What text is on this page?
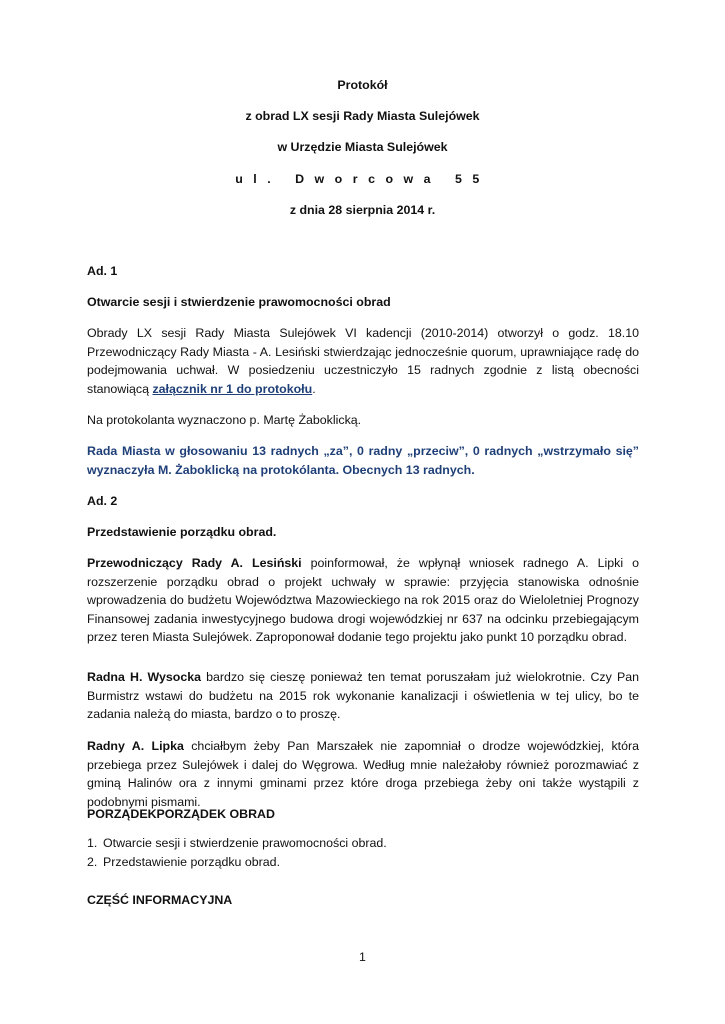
Protokół
z obrad LX sesji Rady Miasta Sulejówek
w Urzędzie Miasta Sulejówek
ul. Dworcowa 55
z dnia 28 sierpnia 2014 r.
Ad. 1
Otwarcie sesji i stwierdzenie prawomocności obrad
Obrady LX sesji Rady Miasta Sulejówek VI kadencji (2010-2014) otworzył o godz. 18.10 Przewodniczący Rady Miasta - A. Lesiński stwierdzając jednocześnie quorum, uprawniające radę do podejmowania uchwał. W posiedzeniu uczestniczyło 15 radnych zgodnie z listą obecności stanowiącą załącznik nr 1 do protokołu.
Na protokolanta wyznaczono p. Martę Żaboklicką.
Rada Miasta w głosowaniu 13 radnych „za”, 0 radny „przeciw”, 0 radnych „wstrzymało się” wyznaczyła M. Żaboklicką na protokólanta. Obecnych 13 radnych.
Ad. 2
Przedstawienie porządku obrad.
Przewodniczący Rady A. Lesiński poinformował, że wpłynął wniosek radnego A. Lipki o rozszerzenie porządku obrad o projekt uchwały w sprawie: przyjęcia stanowiska odnośnie wprowadzenia do budżetu Województwa Mazowieckiego na rok 2015 oraz do Wieloletniej Prognozy Finansowej zadania inwestycyjnego budowa drogi wojewódzkiej nr 637 na odcinku przebiegającym przez teren Miasta Sulejówek. Zaproponował dodanie tego projektu jako punkt 10 porządku obrad.
Radna H. Wysocka bardzo się cieszę ponieważ ten temat poruszałam już wielokrotnie. Czy Pan Burmistrz wstawi do budżetu na 2015 rok wykonanie kanalizacji i oświetlenia w tej ulicy, bo te zadania należą do miasta, bardzo o to proszę.
Radny A. Lipka chciałbym żeby Pan Marszałek nie zapomniał o drodze wojewódzkiej, która przebiega przez Sulejówek i dalej do Węgrowa. Według mnie należałoby również porozmawiać z gminą Halinów ora z innymi gminami przez które droga przebiega żeby oni także wystąpili z podobnymi pismami.
PORZĄDEKPORZĄDEK OBRAD
1. Otwarcie sesji i stwierdzenie prawomocności obrad.
2. Przedstawienie porządku obrad.
CZĘŚĆ INFORMACYJNA
1
